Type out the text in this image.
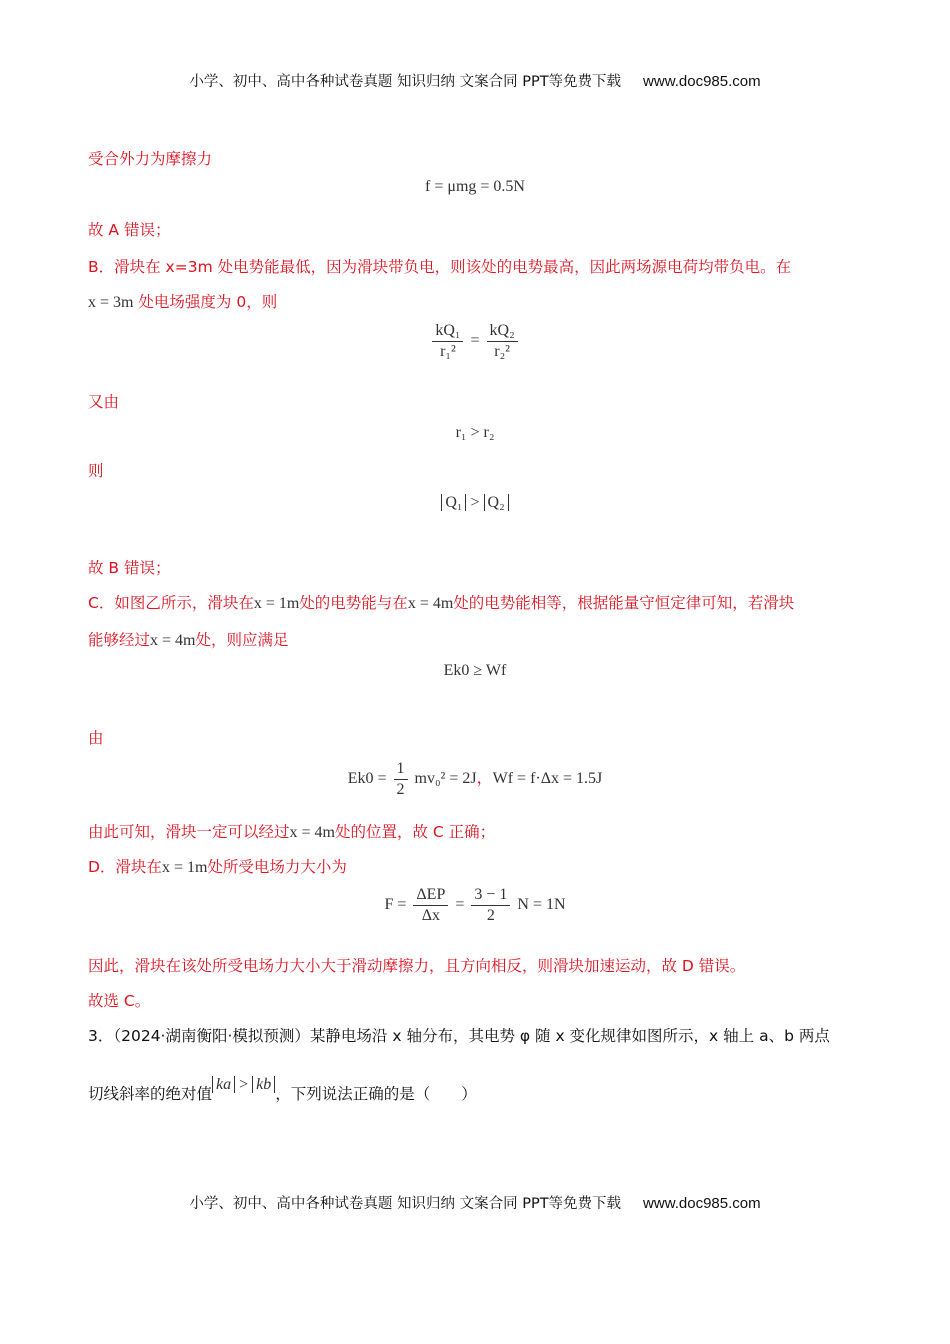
小学、初中、高中各种试卷真题 知识归纳 文案合同 PPT等免费下载 www.doc985.com
受合外力为摩擦力
f = μmg = 0.5N
故 A 错误；
B．滑块在 x=3m 处电势能最低，因为滑块带负电，则该处的电势最高，因此两场源电荷均带负电。在
x = 3m 处电场强度为 0，则
$\frac{\text{kQ₁}}{\text{r₁²}} = \frac{\text{kQ₂}}{\text{r₂²}}$
又由
r₁ > r₂
则
Q₁ > Q₂
故 B 错误；
C．如图乙所示，滑块在x = 1m处的电势能与在x = 4m处的电势能相等，根据能量守恒定律可知，若滑块
能够经过x = 4m处，则应满足
Ek0 ≥ Wf
由
$Ek0 = \frac{1}{2} mv_0^2 = 2J$，Wf = f·Δx = 1.5J
由此可知，滑块一定可以经过x = 4m处的位置，故 C 正确；
D．滑块在x = 1m处所受电场力大小为
$F = \frac{\text{ΔEP}}{\Delta x} = \frac{3 - 1}{2}$ N = 1N
因此，滑块在该处所受电场力大小大于滑动摩擦力，且方向相反，则滑块加速运动，故 D 错误。
故选 C。
3．（2024·湖南衡阳·模拟预测）某静电场沿 x 轴分布，其电势 φ 随 x 变化规律如图所示，x 轴上 a、b 两点
切线斜率的绝对值ka > kb，下列说法正确的是（　　）
小学、初中、高中各种试卷真题 知识归纳 文案合同 PPT等免费下载 www.doc985.com
